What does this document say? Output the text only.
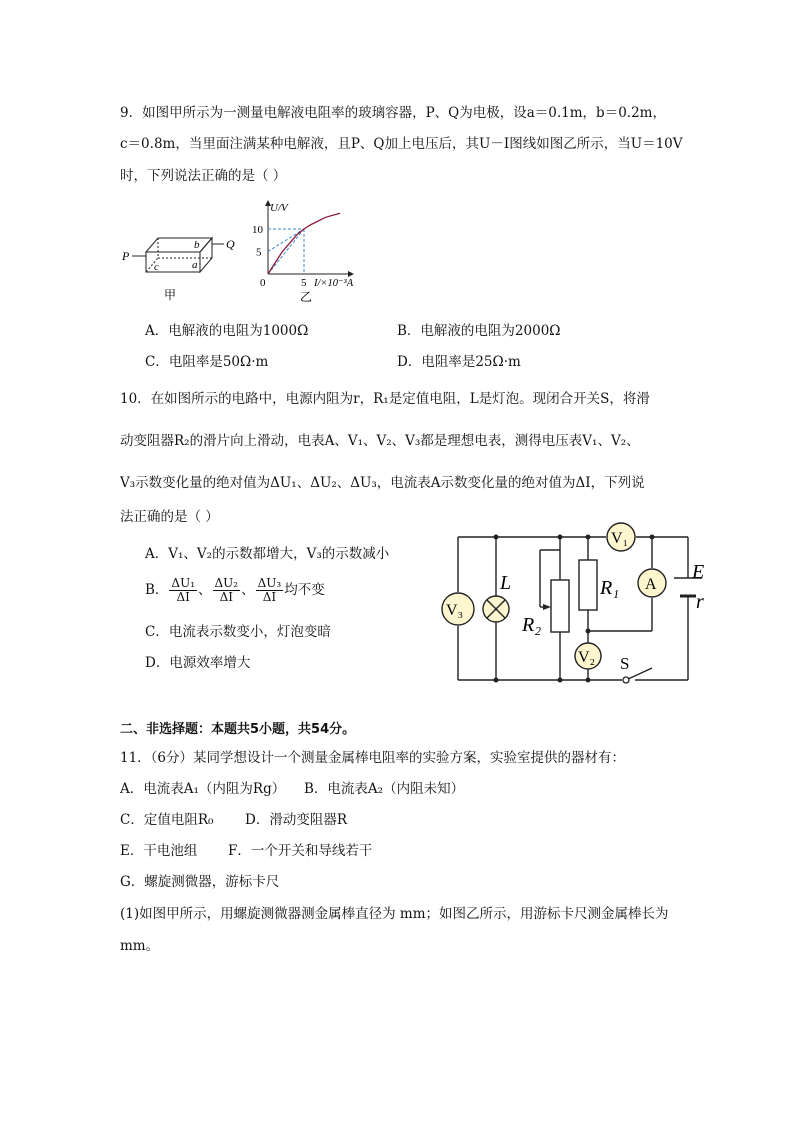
9．如图甲所示为一测量电解液电阻率的玻璃容器，P、Q为电极，设a＝0.1m，b＝0.2m，
c＝0.8m，当里面注满某种电解液，且P、Q加上电压后，其U－I图线如图乙所示，当U＝10V
时，下列说法正确的是（ ）
P
Q
b
a
c
甲
U/V
I/×10⁻³A
10
5
0	5
乙
A．电解液的电阻为1000Ω	B．电解液的电阻为2000Ω
C．电阻率是50Ω·m	D．电阻率是25Ω·m
10．在如图所示的电路中，电源内阻为r，R₁是定值电阻，L是灯泡。现闭合开关S，将滑
动变阻器R₂的滑片向上滑动，电表A、V₁、V₂、V₃都是理想电表，测得电压表V₁、V₂、
V₃示数变化量的绝对值为ΔU₁、ΔU₂、ΔU₃，电流表A示数变化量的绝对值为ΔI，下列说
法正确的是（ ）
A．V₁、V₂的示数都增大，V₃的示数减小
B． $\frac{\text{ΔU₁}}{\Delta I}$ 、 $\frac{\text{ΔU₂}}{\Delta I}$ 、 $\frac{\text{ΔU₃}}{\Delta I}$ 均不变
C．电流表示数变小，灯泡变暗
D．电源效率增大
V₁
V₂
V₃
A
L	R₁
R₂
E
r
S
二、非选择题：本题共5小题，共54分。
11．（6分）某同学想设计一个测量金属棒电阻率的实验方案，实验室提供的器材有：
A．电流表A₁（内阻为Rg） B．电流表A₂（内阻未知）
C．定值电阻R₀ D．滑动变阻器R
E．干电池组 F．一个开关和导线若干
G．螺旋测微器，游标卡尺
(1)如图甲所示，用螺旋测微器测金属棒直径为 mm；如图乙所示，用游标卡尺测金属棒长为
mm。
